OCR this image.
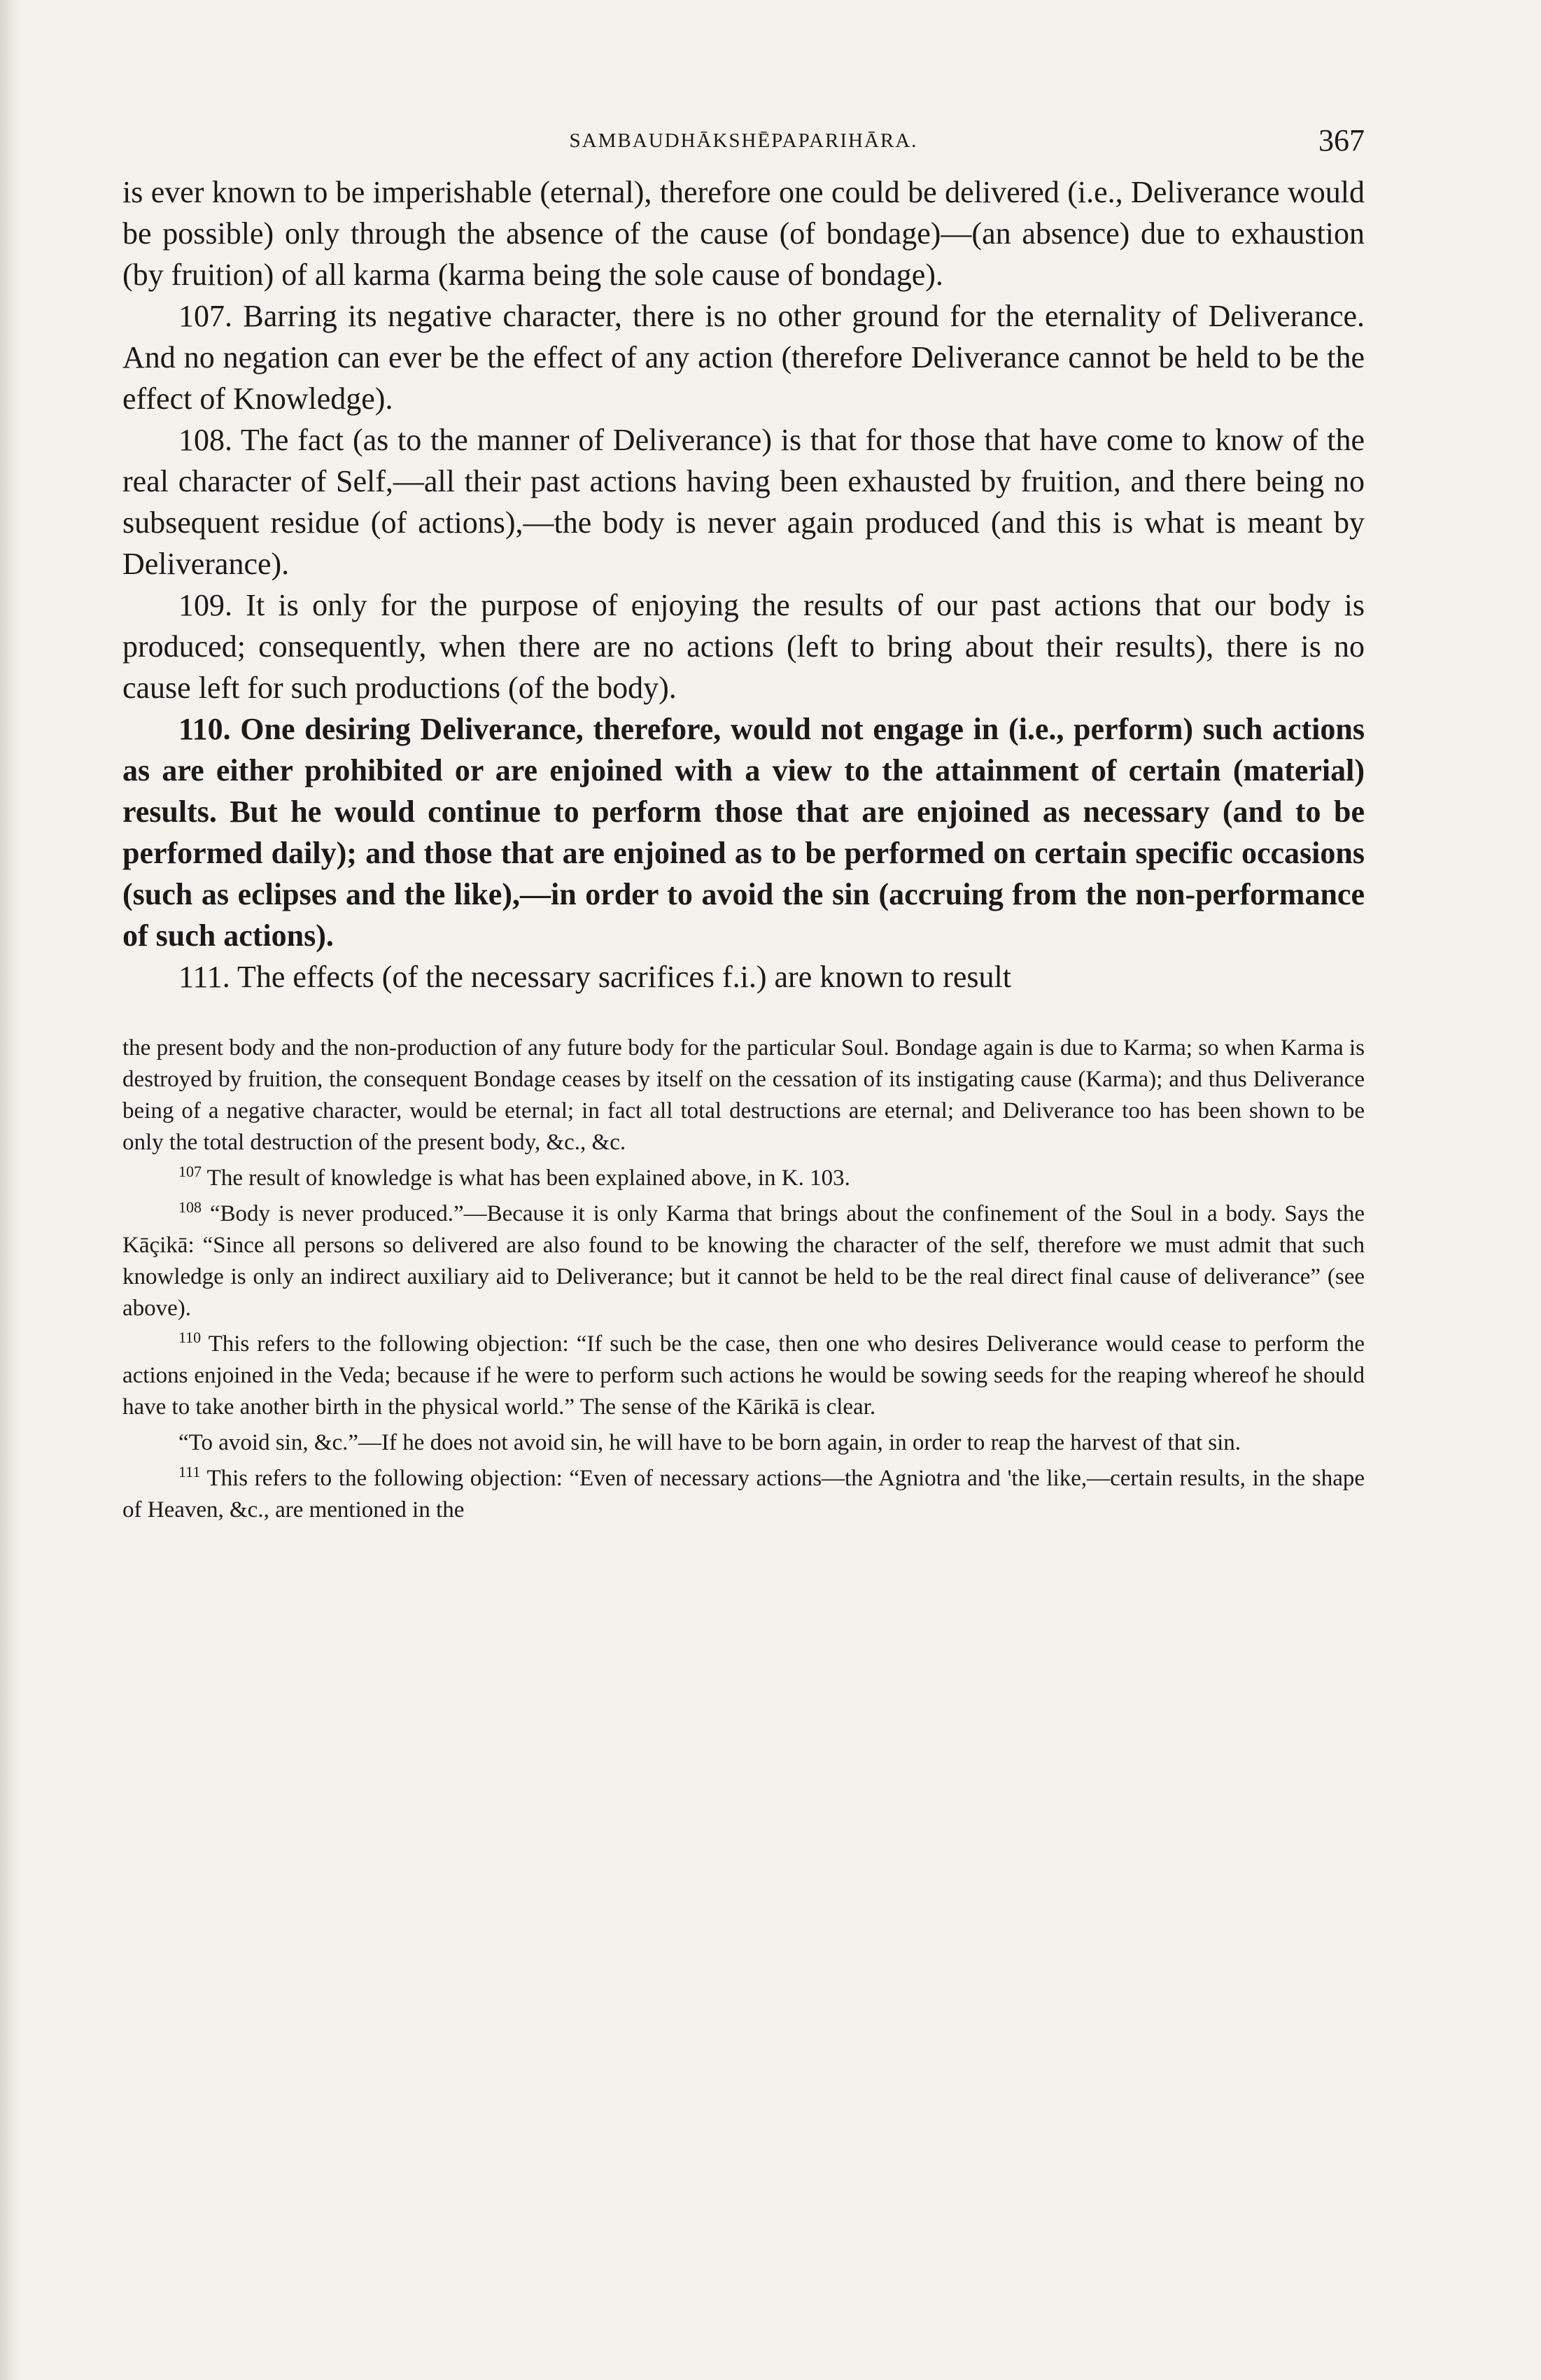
SAMBAUDHĀKSHĒPAPARIHĀRA.	367

is ever known to be imperishable (eternal), therefore one could be delivered (i.e., Deliverance would be possible) only through the absence of the cause (of bondage)—(an absence) due to exhaustion (by fruition) of all karma (karma being the sole cause of bondage).

107. Barring its negative character, there is no other ground for the eternality of Deliverance. And no negation can ever be the effect of any action (therefore Deliverance cannot be held to be the effect of Knowledge).

108. The fact (as to the manner of Deliverance) is that for those that have come to know of the real character of Self,—all their past actions having been exhausted by fruition, and there being no subsequent residue (of actions),—the body is never again produced (and this is what is meant by Deliverance).

109. It is only for the purpose of enjoying the results of our past actions that our body is produced; consequently, when there are no actions (left to bring about their results), there is no cause left for such productions (of the body).

110. One desiring Deliverance, therefore, would not engage in (i.e., perform) such actions as are either prohibited or are enjoined with a view to the attainment of certain (material) results. But he would continue to perform those that are enjoined as necessary (and to be performed daily); and those that are enjoined as to be performed on certain specific occasions (such as eclipses and the like),—in order to avoid the sin (accruing from the non-performance of such actions).

111. The effects (of the necessary sacrifices f.i.) are known to result

the present body and the non-production of any future body for the particular Soul. Bondage again is due to Karma; so when Karma is destroyed by fruition, the consequent Bondage ceases by itself on the cessation of its instigating cause (Karma); and thus Deliverance being of a negative character, would be eternal; in fact all total destructions are eternal; and Deliverance too has been shown to be only the total destruction of the present body, &c., &c.

$^{107}$ The result of knowledge is what has been explained above, in K. 103.

$^{108}$ “Body is never produced.”—Because it is only Karma that brings about the confinement of the Soul in a body. Says the Kāçikā: “Since all persons so delivered are also found to be knowing the character of the self, therefore we must admit that such knowledge is only an indirect auxiliary aid to Deliverance; but it cannot be held to be the real direct final cause of deliverance” (see above).

$^{110}$ This refers to the following objection: “If such be the case, then one who desires Deliverance would cease to perform the actions enjoined in the Veda; because if he were to perform such actions he would be sowing seeds for the reaping whereof he should have to take another birth in the physical world.” The sense of the Kārikā is clear.

“To avoid sin, &c.”—If he does not avoid sin, he will have to be born again, in order to reap the harvest of that sin.

$^{111}$ This refers to the following objection: “Even of necessary actions—the Agniotra and 'the like,—certain results, in the shape of Heaven, &c., are mentioned in the
